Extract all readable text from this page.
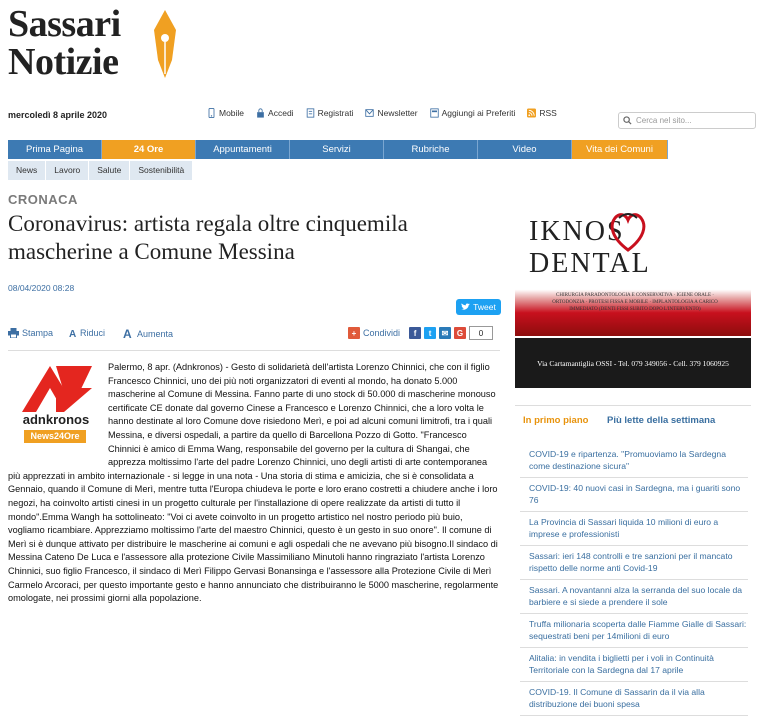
Sassari
Notizie
mercoledì 8 aprile 2020	Mobile	Accedi	Registrati	Newsletter	Aggiungi ai Preferiti	RSS
Cerca nel sito...
Prima Pagina	24 Ore	Appuntamenti	Servizi	Rubriche	Video	Vita dei Comuni
News	Lavoro	Salute	Sostenibilità
CRONACA
Coronavirus: artista regala oltre cinquemila mascherine a Comune Messina
08/04/2020 08:28
Tweet
Stampa A Riduci A Aumenta	+ Condividi	f	t	✉	G	0
adnkronos
News24Ore
Palermo, 8 apr. (Adnkronos) - Gesto di solidarietà dell'artista Lorenzo Chinnici, che con il figlio Francesco Chinnici, uno dei più noti organizzatori di eventi al mondo, ha donato 5.000 mascherine al Comune di Messina. Fanno parte di uno stock di 50.000 di mascherine monouso certificate CE donate dal governo Cinese a Francesco e Lorenzo Chinnici, che a loro volta le hanno destinate al loro Comune dove risiedono Merì, e poi ad alcuni comuni limitrofi, tra i quali Messina, e diversi ospedali, a partire da quello di Barcellona Pozzo di Gotto. "Francesco Chinnici è amico di Emma Wang, responsabile del governo per la cultura di Shangai, che apprezza moltissimo l'arte del padre Lorenzo Chinnici, uno degli artisti di arte contemporanea più apprezzati in ambito internazionale - si legge in una nota - Una storia di stima e amicizia, che si è consolidata a Gennaio, quando il Comune di Merì, mentre tutta l'Europa chiudeva le porte e loro erano costretti a chiudere anche i loro negozi, ha coinvolto artisti cinesi in un progetto culturale per l'installazione di opere realizzate da artisti di tutto il mondo".Emma Wangh ha sottolineato: "Voi ci avete coinvolto in un progetto artistico nel nostro periodo più buio, vogliamo ricambiare. Apprezziamo moltissimo l'arte del maestro Chinnici, questo è un gesto in suo onore". Il comune di Merì si è dunque attivato per distribuire le mascherine ai comuni e agli ospedali che ne avevano più bisogno.Il sindaco di Messina Cateno De Luca e l'assessore alla protezione Civile Massimiliano Minutoli hanno ringraziato l'artista Lorenzo Chinnici, suo figlio Francesco, il sindaco di Merì Filippo Gervasi Bonansinga e l'assessore alla Protezione Civile di Merì Carmelo Arcoraci, per questo importante gesto e hanno annunciato che distribuiranno le 5000 mascherine, regolarmente omologate, nei prossimi giorni alla popolazione.
IKNOS DENTAL
CHIRURGIA PARADONTOLOGIA E CONSERVATIVA · IGIENE ORALE · ORTODONZIA · PROTESI FISSA E MOBILE · IMPLANTOLOGIA A CARICO IMMEDIATO (DENTI FISSI SUBITO DOPO L'INTERVENTO)
Via Cartamantiglia OSSI - Tel. 079 349056 - Cell. 379 1060925
In primo piano Più lette della settimana
COVID-19 e ripartenza. "Promuoviamo la Sardegna come destinazione sicura"
COVID-19: 40 nuovi casi in Sardegna, ma i guariti sono 76
La Provincia di Sassari liquida 10 milioni di euro a imprese e professionisti
Sassari: ieri 148 controlli e tre sanzioni per il mancato rispetto delle norme anti Covid-19
Sassari. A novantanni alza la serranda del suo locale da barbiere e si siede a prendere il sole
Truffa milionaria scoperta dalle Fiamme Gialle di Sassari: sequestrati beni per 14milioni di euro
Alitalia: in vendita i biglietti per i voli in Continuità Territoriale con la Sardegna dal 17 aprile
COVID-19. Il Comune di Sassarin da il via alla distribuzione dei buoni spesa
